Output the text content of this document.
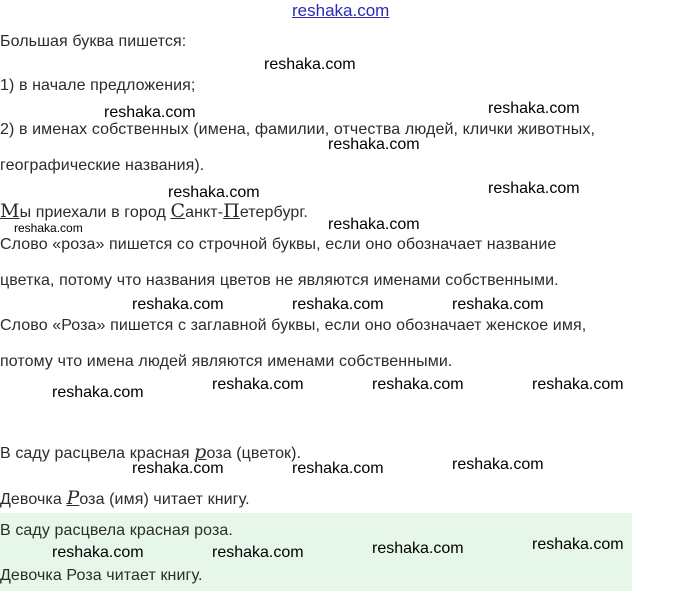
reshaka.com
Большая буква пишется:
1) в начале предложения;
2) в именах собственных (имена, фамилии, отчества людей, клички животных,
географические названия).
Мы приехали в город Санкт-Петербург.
Слово «роза» пишется со строчной буквы, если оно обозначает название
цветка, потому что названия цветов не являются именами собственными.
Слово «Роза» пишется с заглавной буквы, если оно обозначает женское имя,
потому что имена людей являются именами собственными.
В саду расцвела красная роза (цветок).
Девочка Роза (имя) читает книгу.
В саду расцвела красная роза.
Девочка Роза читает книгу.
reshaka.com
reshaka.com	reshaka.com
reshaka.com
reshaka.com	reshaka.com
reshaka.com
reshaka.com
reshaka.com	reshaka.com	reshaka.com
reshaka.com	reshaka.com	reshaka.com	reshaka.com
reshaka.com	reshaka.com	reshaka.com
reshaka.com	reshaka.com	reshaka.com	reshaka.com
